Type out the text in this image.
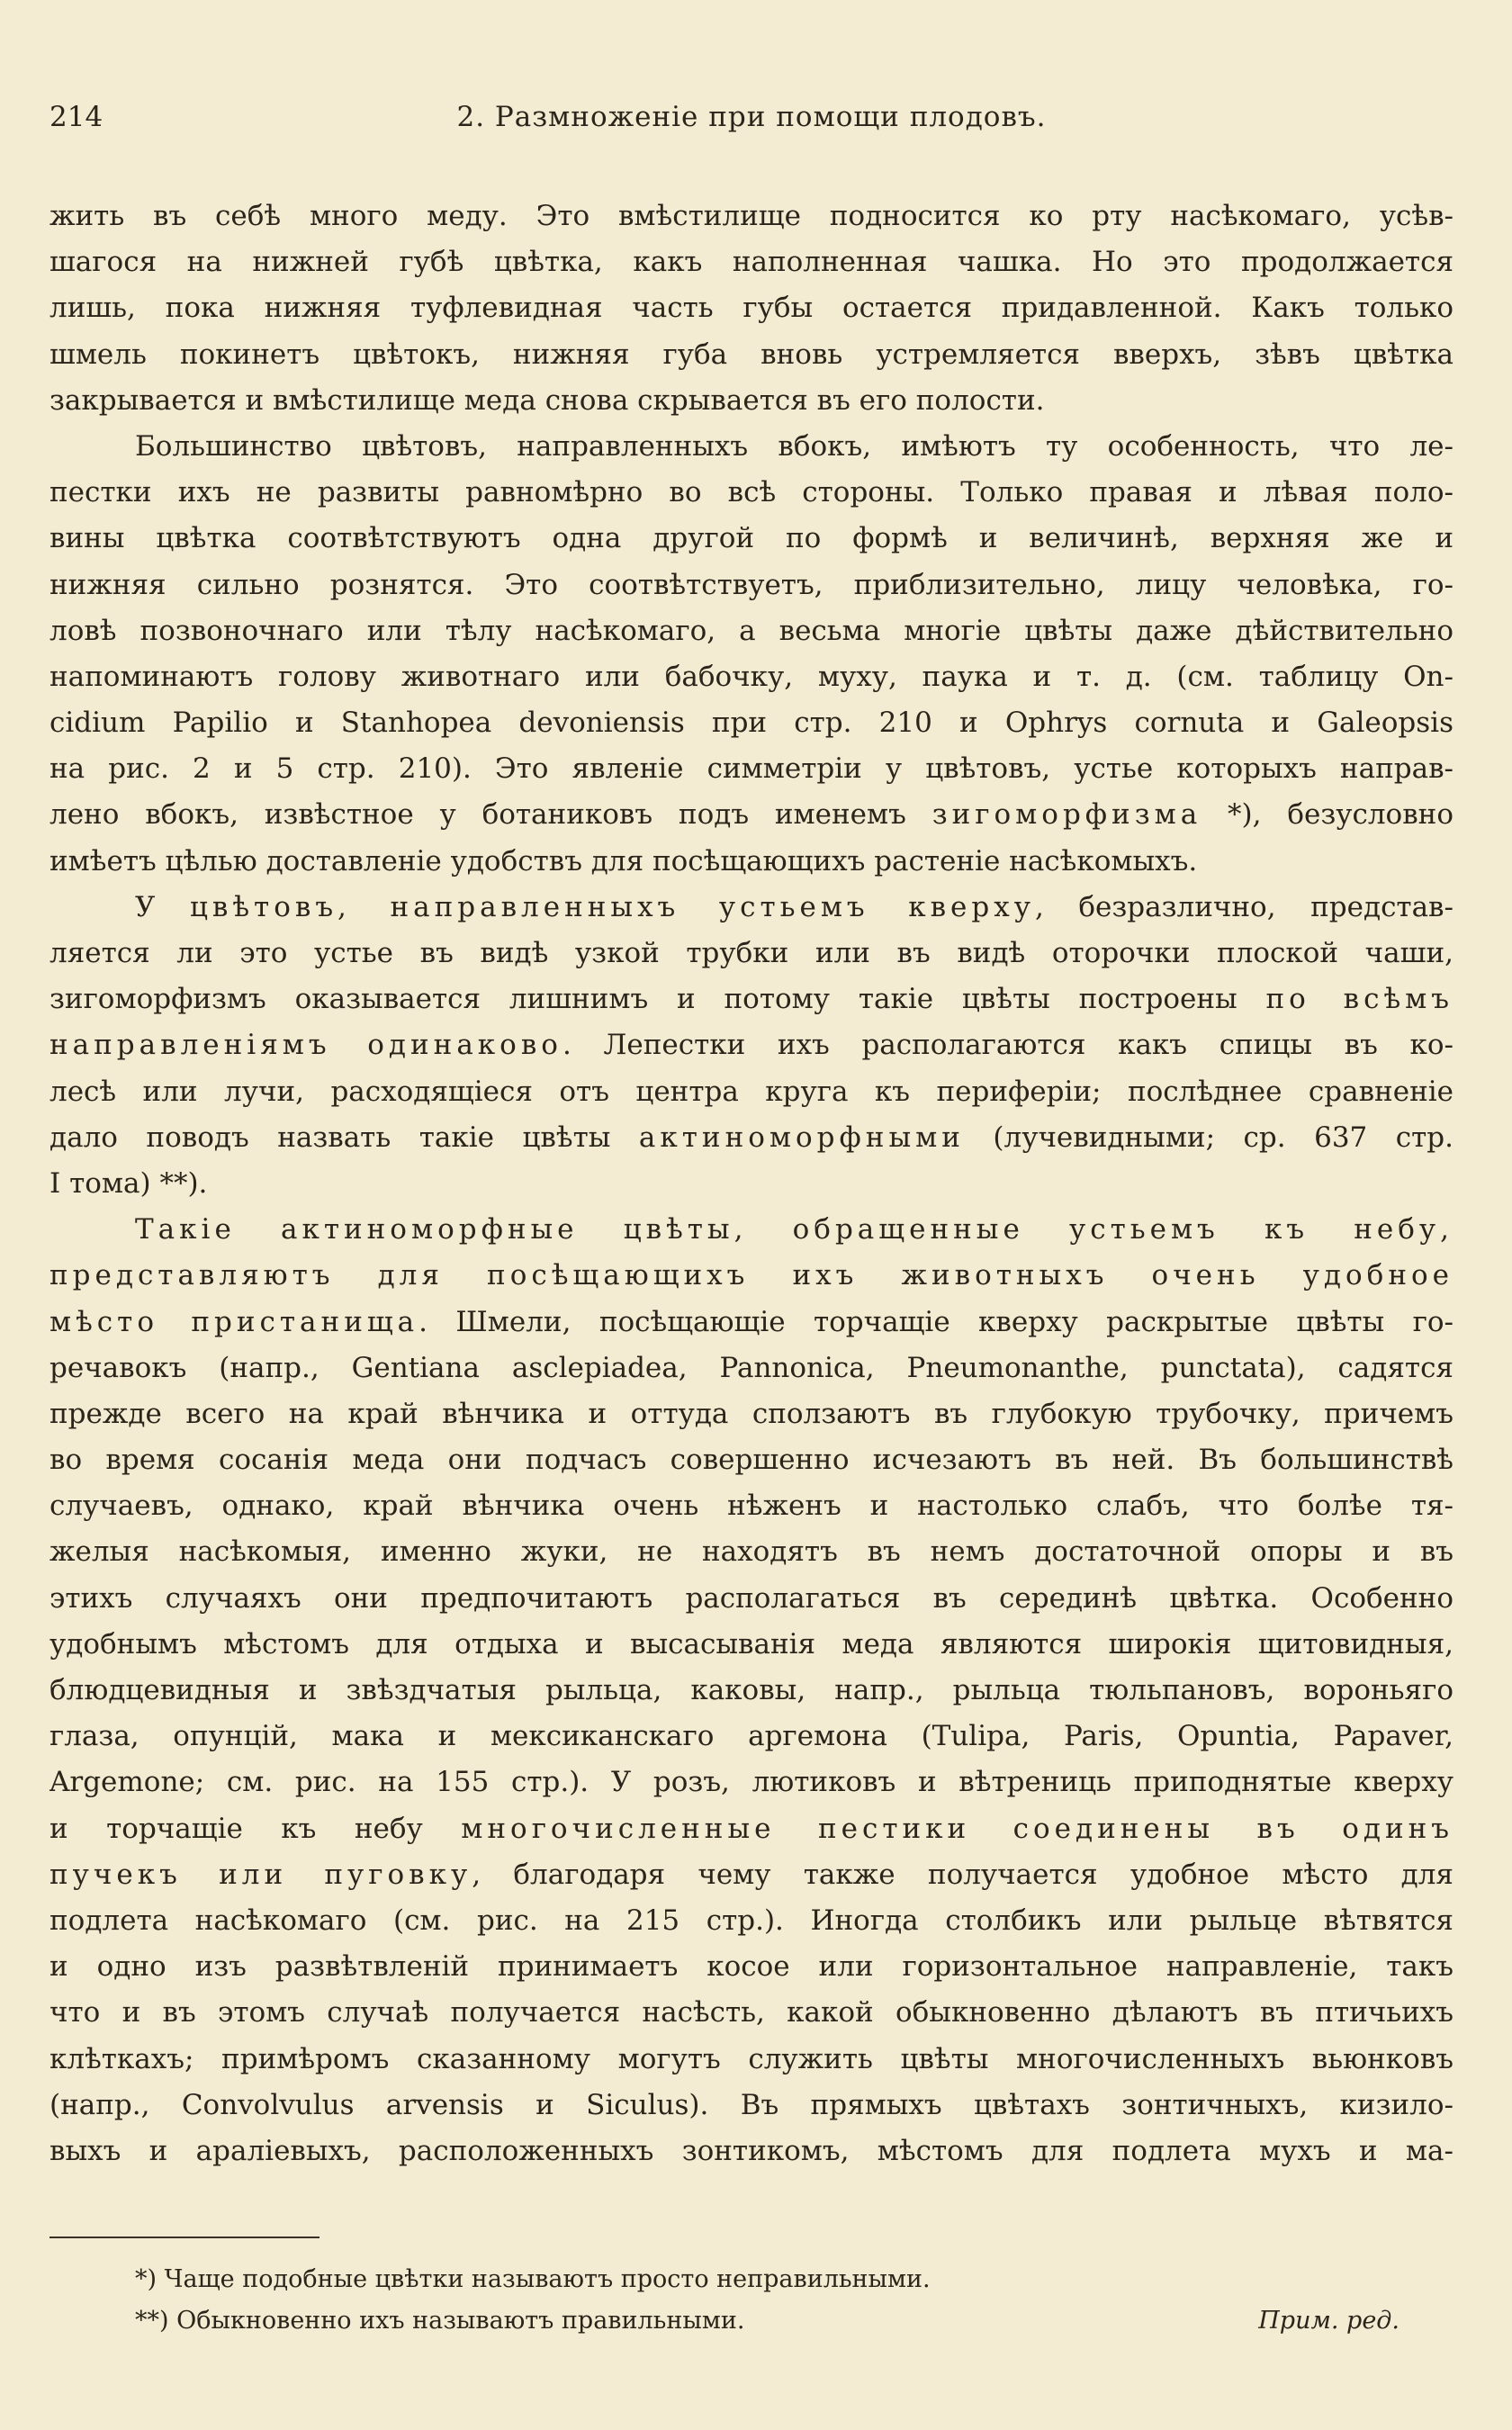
214	2. Размноженіе при помощи плодовъ.
жить въ себѣ много меду. Это вмѣстилище подносится ко рту насѣкомаго, усѣв-
шагося на нижней губѣ цвѣтка, какъ наполненная чашка. Но это продолжается
лишь, пока нижняя туфлевидная часть губы остается придавленной. Какъ только
шмель покинетъ цвѣтокъ, нижняя губа вновь устремляется вверхъ, зѣвъ цвѣтка
закрывается и вмѣстилище меда снова скрывается въ его полости.
Большинство цвѣтовъ, направленныхъ вбокъ, имѣютъ ту особенность, что ле-
пестки ихъ не развиты равномѣрно во всѣ стороны. Только правая и лѣвая поло-
вины цвѣтка соотвѣтствуютъ одна другой по формѣ и величинѣ, верхняя же и
нижняя сильно рознятся. Это соотвѣтствуетъ, приблизительно, лицу человѣка, го-
ловѣ позвоночнаго или тѣлу насѣкомаго, а весьма многіе цвѣты даже дѣйствительно
напоминаютъ голову животнаго или бабочку, муху, паука и т. д. (см. таблицу Оn-
cidium Papilio и Stanhopea devoniensis при стр. 210 и Ophrys cornuta и Galeopsis
на рис. 2 и 5 стр. 210). Это явленіе симметріи у цвѣтовъ, устье которыхъ направ-
лено вбокъ, извѣстное у ботаниковъ подъ именемъ зигоморфизма *), безусловно
имѣетъ цѣлью доставленіе удобствъ для посѣщающихъ растеніе насѣкомыхъ.
У цвѣтовъ, направленныхъ устьемъ кверху, безразлично, представ-
ляется ли это устье въ видѣ узкой трубки или въ видѣ оторочки плоской чаши,
зигоморфизмъ оказывается лишнимъ и потому такіе цвѣты построены по всѣмъ
направленіямъ одинаково. Лепестки ихъ располагаются какъ спицы въ ко-
лесѣ или лучи, расходящіеся отъ центра круга къ периферіи; послѣднее сравненіе
дало поводъ назвать такіе цвѣты актиноморфными (лучевидными; ср. 637 стр.
I тома) **).
Такіе актиноморфные цвѣты, обращенные устьемъ къ небу,
представляютъ для посѣщающихъ ихъ животныхъ очень удобное
мѣсто пристанища. Шмели, посѣщающіе торчащіе кверху раскрытые цвѣты го-
речавокъ (напр., Gentiana asclepiadea, Pannonica, Pneumonanthe, punctata), садятся
прежде всего на край вѣнчика и оттуда сползаютъ въ глубокую трубочку, причемъ
во время сосанія меда они подчасъ совершенно исчезаютъ въ ней. Въ большинствѣ
случаевъ, однако, край вѣнчика очень нѣженъ и настолько слабъ, что болѣе тя-
желыя насѣкомыя, именно жуки, не находятъ въ немъ достаточной опоры и въ
этихъ случаяхъ они предпочитаютъ располагаться въ серединѣ цвѣтка. Особенно
удобнымъ мѣстомъ для отдыха и высасыванія меда являются широкія щитовидныя,
блюдцевидныя и звѣздчатыя рыльца, каковы, напр., рыльца тюльпановъ, вороньяго
глаза, опунцій, мака и мексиканскаго аргемона (Tulipa, Paris, Opuntia, Papaver,
Argemone; см. рис. на 155 стр.). У розъ, лютиковъ и вѣтрениць приподнятые кверху
и торчащіе къ небу многочисленные пестики соединены въ одинъ
пучекъ или пуговку, благодаря чему также получается удобное мѣсто для
подлета насѣкомаго (см. рис. на 215 стр.). Иногда столбикъ или рыльце вѣтвятся
и одно изъ развѣтвленій принимаетъ косое или горизонтальное направленіе, такъ
что и въ этомъ случаѣ получается насѣсть, какой обыкновенно дѣлаютъ въ птичьихъ
клѣткахъ; примѣромъ сказанному могутъ служить цвѣты многочисленныхъ вьюнковъ
(напр., Convolvulus arvensis и Siculus). Въ прямыхъ цвѣтахъ зонтичныхъ, кизило-
выхъ и араліевыхъ, расположенныхъ зонтикомъ, мѣстомъ для подлета мухъ и ма-
*) Чаще подобные цвѣтки называютъ просто неправильными.
**) Обыкновенно ихъ называютъ правильными.	Прим. ред.
